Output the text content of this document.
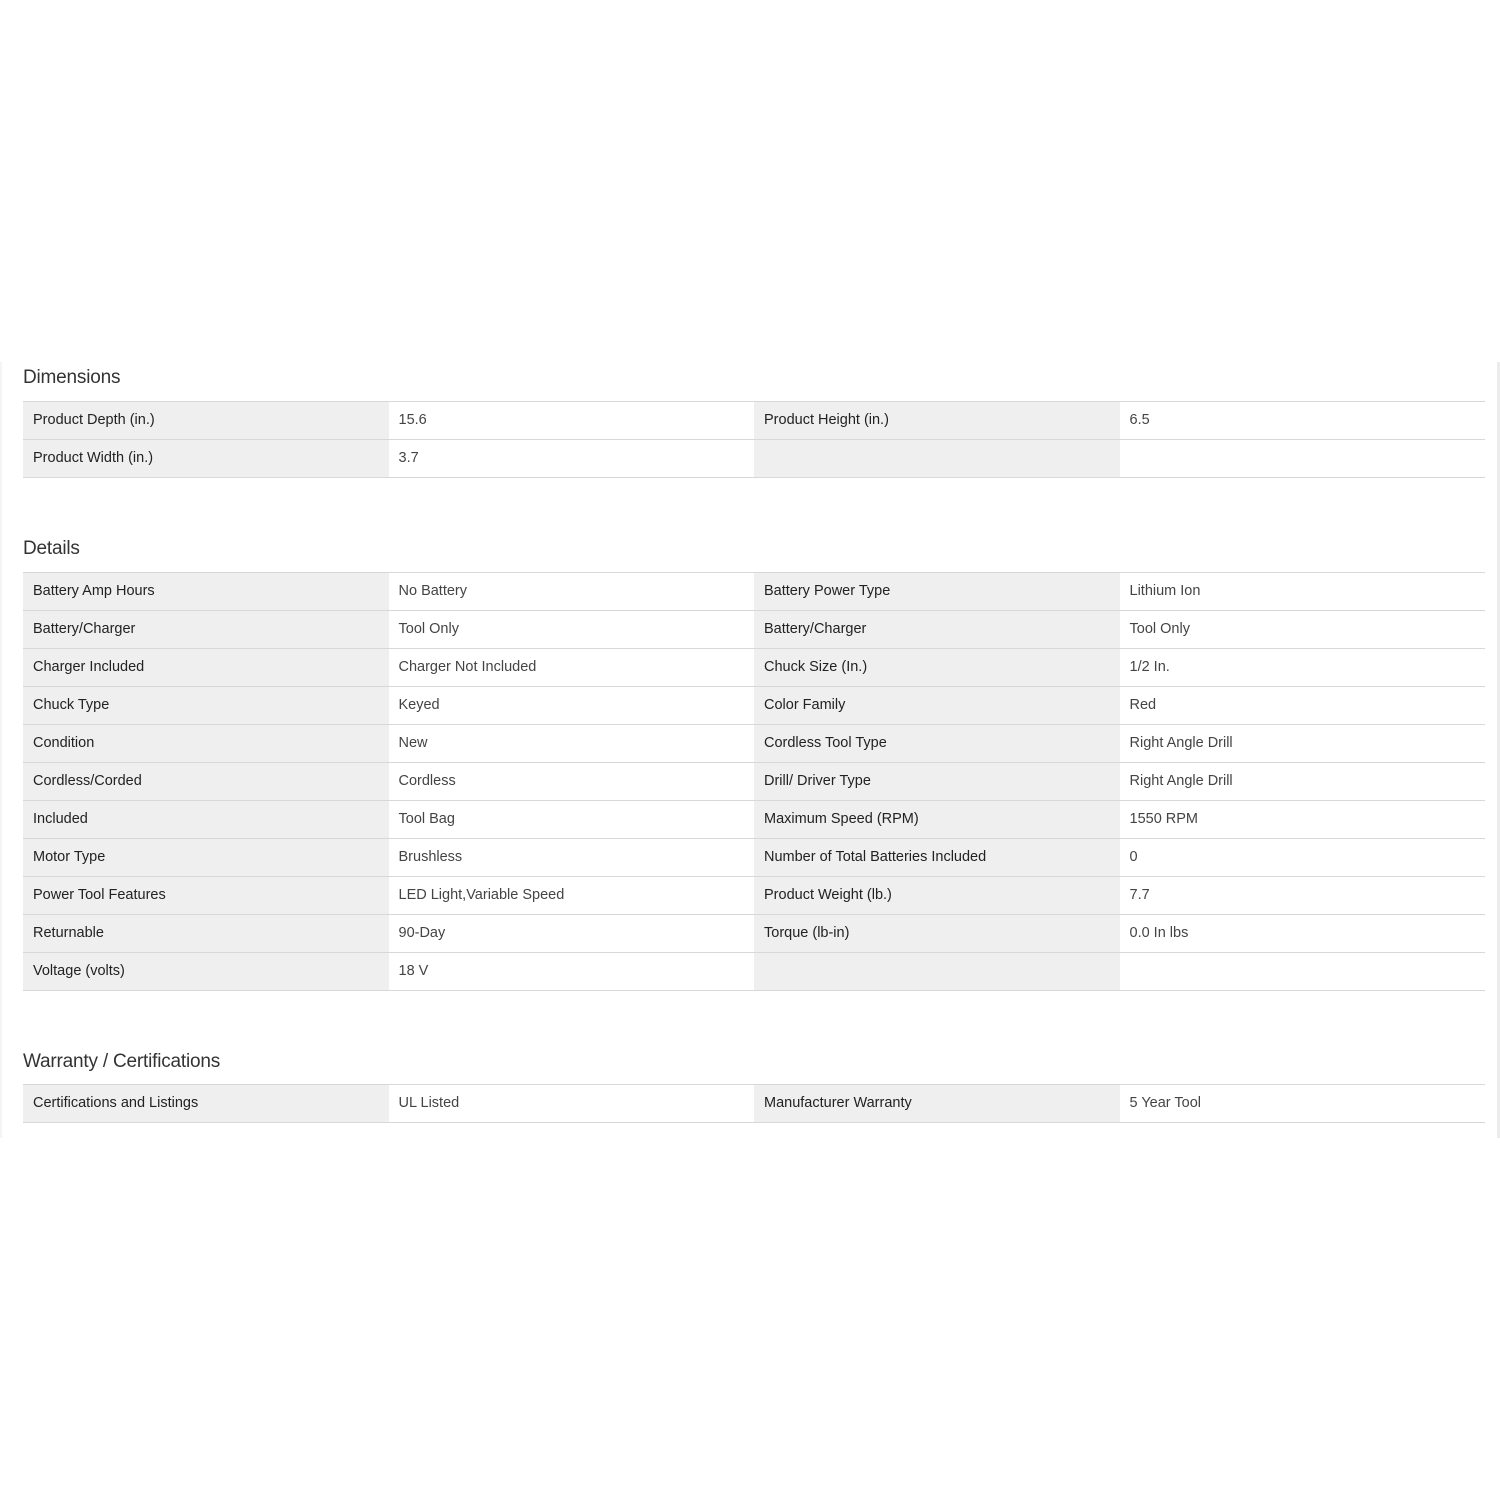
Dimensions
Product Depth (in.)	15.6	Product Height (in.)	6.5
Product Width (in.)	3.7
Details
Battery Amp Hours	No Battery	Battery Power Type	Lithium Ion
Battery/Charger	Tool Only	Battery/Charger	Tool Only
Charger Included	Charger Not Included	Chuck Size (In.)	1/2 In.
Chuck Type	Keyed	Color Family	Red
Condition	New	Cordless Tool Type	Right Angle Drill
Cordless/Corded	Cordless	Drill/ Driver Type	Right Angle Drill
Included	Tool Bag	Maximum Speed (RPM)	1550 RPM
Motor Type	Brushless	Number of Total Batteries Included	0
Power Tool Features	LED Light,Variable Speed	Product Weight (lb.)	7.7
Returnable	90-Day	Torque (lb-in)	0.0 In lbs
Voltage (volts)	18 V
Warranty / Certifications
Certifications and Listings	UL Listed	Manufacturer Warranty	5 Year Tool
